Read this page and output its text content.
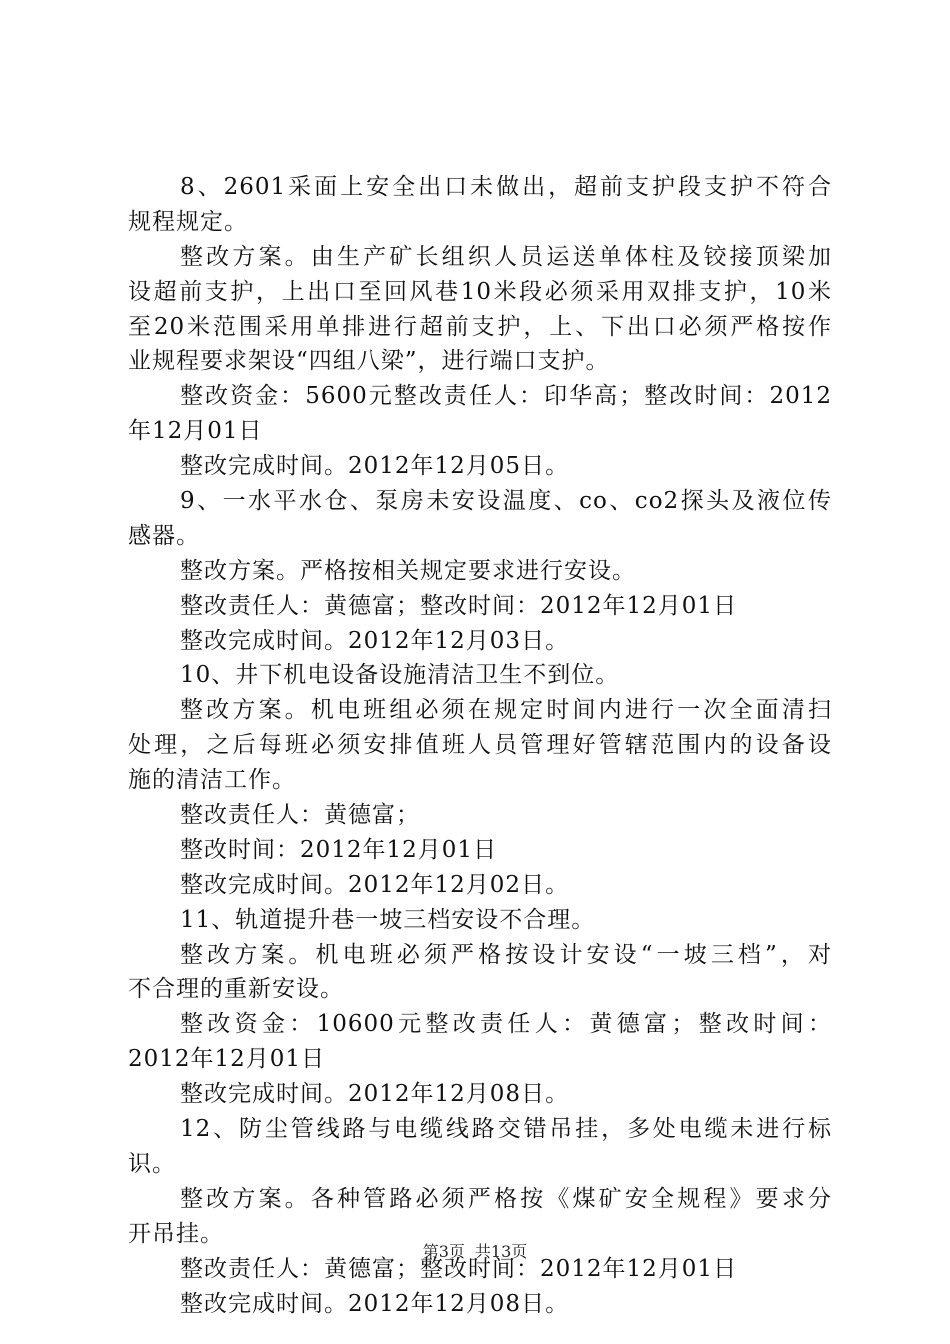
8、2601采面上安全出口未做出，超前支护段支护不符合
规程规定。
整改方案。由生产矿长组织人员运送单体柱及铰接顶梁加
设超前支护，上出口至回风巷10米段必须采用双排支护，10米
至20米范围采用单排进行超前支护，上、下出口必须严格按作
业规程要求架设“四组八梁”，进行端口支护。
整改资金：5600元整改责任人：印华高；整改时间：2012
年12月01日
整改完成时间。2012年12月05日。
9、一水平水仓、泵房未安设温度、co、co2探头及液位传
感器。
整改方案。严格按相关规定要求进行安设。
整改责任人：黄德富；整改时间：2012年12月01日
整改完成时间。2012年12月03日。
10、井下机电设备设施清洁卫生不到位。
整改方案。机电班组必须在规定时间内进行一次全面清扫
处理，之后每班必须安排值班人员管理好管辖范围内的设备设
施的清洁工作。
整改责任人：黄德富；
整改时间：2012年12月01日
整改完成时间。2012年12月02日。
11、轨道提升巷一坡三档安设不合理。
整改方案。机电班必须严格按设计安设“一坡三档”，对
不合理的重新安设。
整改资金：10600元整改责任人：黄德富；整改时间：
2012年12月01日
整改完成时间。2012年12月08日。
12、防尘管线路与电缆线路交错吊挂，多处电缆未进行标
识。
整改方案。各种管路必须严格按《煤矿安全规程》要求分
开吊挂。
整改责任人：黄德富；整改时间：2012年12月01日
整改完成时间。2012年12月08日。
第3页 共13页
